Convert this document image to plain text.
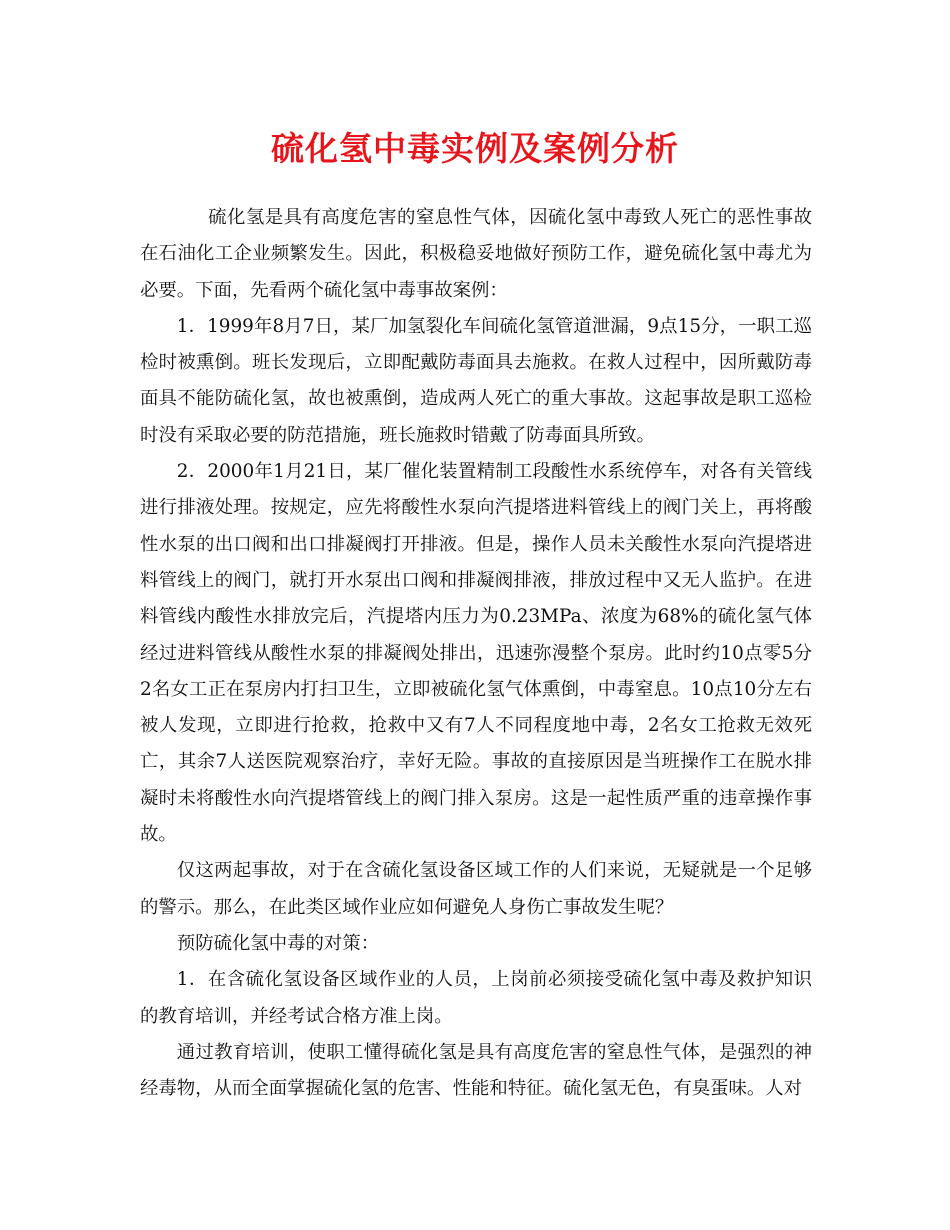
硫化氢中毒实例及案例分析

硫化氢是具有高度危害的窒息性气体，因硫化氢中毒致人死亡的恶性事故在石油化工企业频繁发生。因此，积极稳妥地做好预防工作，避免硫化氢中毒尤为必要。下面，先看两个硫化氢中毒事故案例：

1．1999年8月7日，某厂加氢裂化车间硫化氢管道泄漏，9点15分，一职工巡检时被熏倒。班长发现后，立即配戴防毒面具去施救。在救人过程中，因所戴防毒面具不能防硫化氢，故也被熏倒，造成两人死亡的重大事故。这起事故是职工巡检时没有采取必要的防范措施，班长施救时错戴了防毒面具所致。

2．2000年1月21日，某厂催化装置精制工段酸性水系统停车，对各有关管线进行排液处理。按规定，应先将酸性水泵向汽提塔进料管线上的阀门关上，再将酸性水泵的出口阀和出口排凝阀打开排液。但是，操作人员未关酸性水泵向汽提塔进料管线上的阀门，就打开水泵出口阀和排凝阀排液，排放过程中又无人监护。在进料管线内酸性水排放完后，汽提塔内压力为0.23MPa、浓度为68%的硫化氢气体经过进料管线从酸性水泵的排凝阀处排出，迅速弥漫整个泵房。此时约10点零5分2名女工正在泵房内打扫卫生，立即被硫化氢气体熏倒，中毒窒息。10点10分左右被人发现，立即进行抢救，抢救中又有7人不同程度地中毒，2名女工抢救无效死亡，其余7人送医院观察治疗，幸好无险。事故的直接原因是当班操作工在脱水排凝时未将酸性水向汽提塔管线上的阀门排入泵房。这是一起性质严重的违章操作事故。

仅这两起事故，对于在含硫化氢设备区域工作的人们来说，无疑就是一个足够的警示。那么，在此类区域作业应如何避免人身伤亡事故发生呢？

预防硫化氢中毒的对策：

1．在含硫化氢设备区域作业的人员，上岗前必须接受硫化氢中毒及救护知识的教育培训，并经考试合格方准上岗。

通过教育培训，使职工懂得硫化氢是具有高度危害的窒息性气体，是强烈的神经毒物，从而全面掌握硫化氢的危害、性能和特征。硫化氢无色，有臭蛋味。人对
